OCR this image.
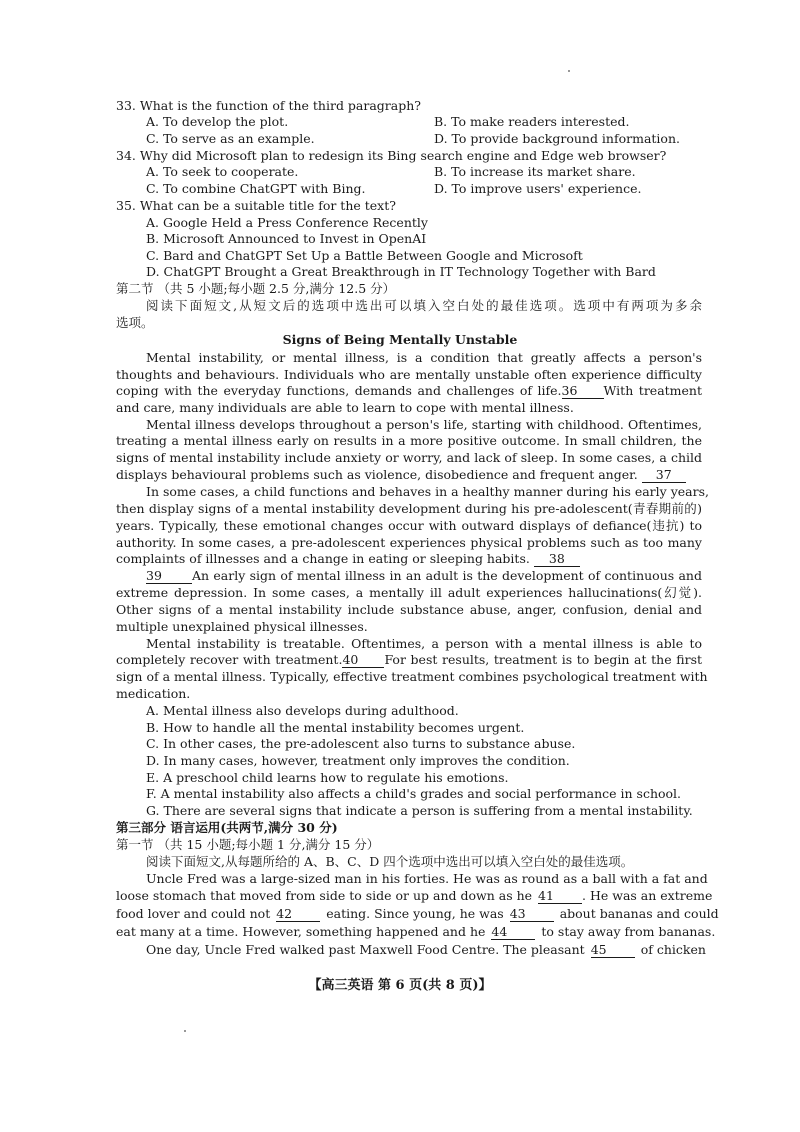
33. What is the function of the third paragraph?
A. To develop the plot.	B. To make readers interested.
C. To serve as an example.	D. To provide background information.
34. Why did Microsoft plan to redesign its Bing search engine and Edge web browser?
A. To seek to cooperate.	B. To increase its market share.
C. To combine ChatGPT with Bing.	D. To improve users' experience.
35. What can be a suitable title for the text?
A. Google Held a Press Conference Recently
B. Microsoft Announced to Invest in OpenAI
C. Bard and ChatGPT Set Up a Battle Between Google and Microsoft
D. ChatGPT Brought a Great Breakthrough in IT Technology Together with Bard
第二节 （共 5 小题;每小题 2.5 分,满分 12.5 分）
阅读下面短文,从短文后的选项中选出可以填入空白处的最佳选项。选项中有两项为多余
选项。
Signs of Being Mentally Unstable
Mental instability, or mental illness, is a condition that greatly affects a person's
thoughts and behaviours. Individuals who are mentally unstable often experience difficulty
coping with the everyday functions, demands and challenges of life.36 With treatment
and care, many individuals are able to learn to cope with mental illness.
Mental illness develops throughout a person's life, starting with childhood. Oftentimes,
treating a mental illness early on results in a more positive outcome. In small children, the
signs of mental instability include anxiety or worry, and lack of sleep. In some cases, a child
displays behavioural problems such as violence, disobedience and frequent anger. 37
In some cases, a child functions and behaves in a healthy manner during his early years,
then display signs of a mental instability development during his pre-adolescent(青春期前的)
years. Typically, these emotional changes occur with outward displays of defiance(违抗) to
authority. In some cases, a pre-adolescent experiences physical problems such as too many
complaints of illnesses and a change in eating or sleeping habits. 38
39 An early sign of mental illness in an adult is the development of continuous and
extreme depression. In some cases, a mentally ill adult experiences hallucinations(幻觉).
Other signs of a mental instability include substance abuse, anger, confusion, denial and
multiple unexplained physical illnesses.
Mental instability is treatable. Oftentimes, a person with a mental illness is able to
completely recover with treatment.40 For best results, treatment is to begin at the first
sign of a mental illness. Typically, effective treatment combines psychological treatment with
medication.
A. Mental illness also develops during adulthood.
B. How to handle all the mental instability becomes urgent.
C. In other cases, the pre-adolescent also turns to substance abuse.
D. In many cases, however, treatment only improves the condition.
E. A preschool child learns how to regulate his emotions.
F. A mental instability also affects a child's grades and social performance in school.
G. There are several signs that indicate a person is suffering from a mental instability.
第三部分 语言运用(共两节,满分 30 分)
第一节 （共 15 小题;每小题 1 分,满分 15 分）
阅读下面短文,从每题所给的 A、B、C、D 四个选项中选出可以填入空白处的最佳选项。
Uncle Fred was a large-sized man in his forties. He was as round as a ball with a fat and
loose stomach that moved from side to side or up and down as he 41 . He was an extreme
food lover and could not 42	eating. Since young, he was 43	about bananas and could
eat many at a time. However, something happened and he 44	to stay away from bananas.
One day, Uncle Fred walked past Maxwell Food Centre. The pleasant 45	of chicken
【高三英语 第 6 页(共 8 页)】
